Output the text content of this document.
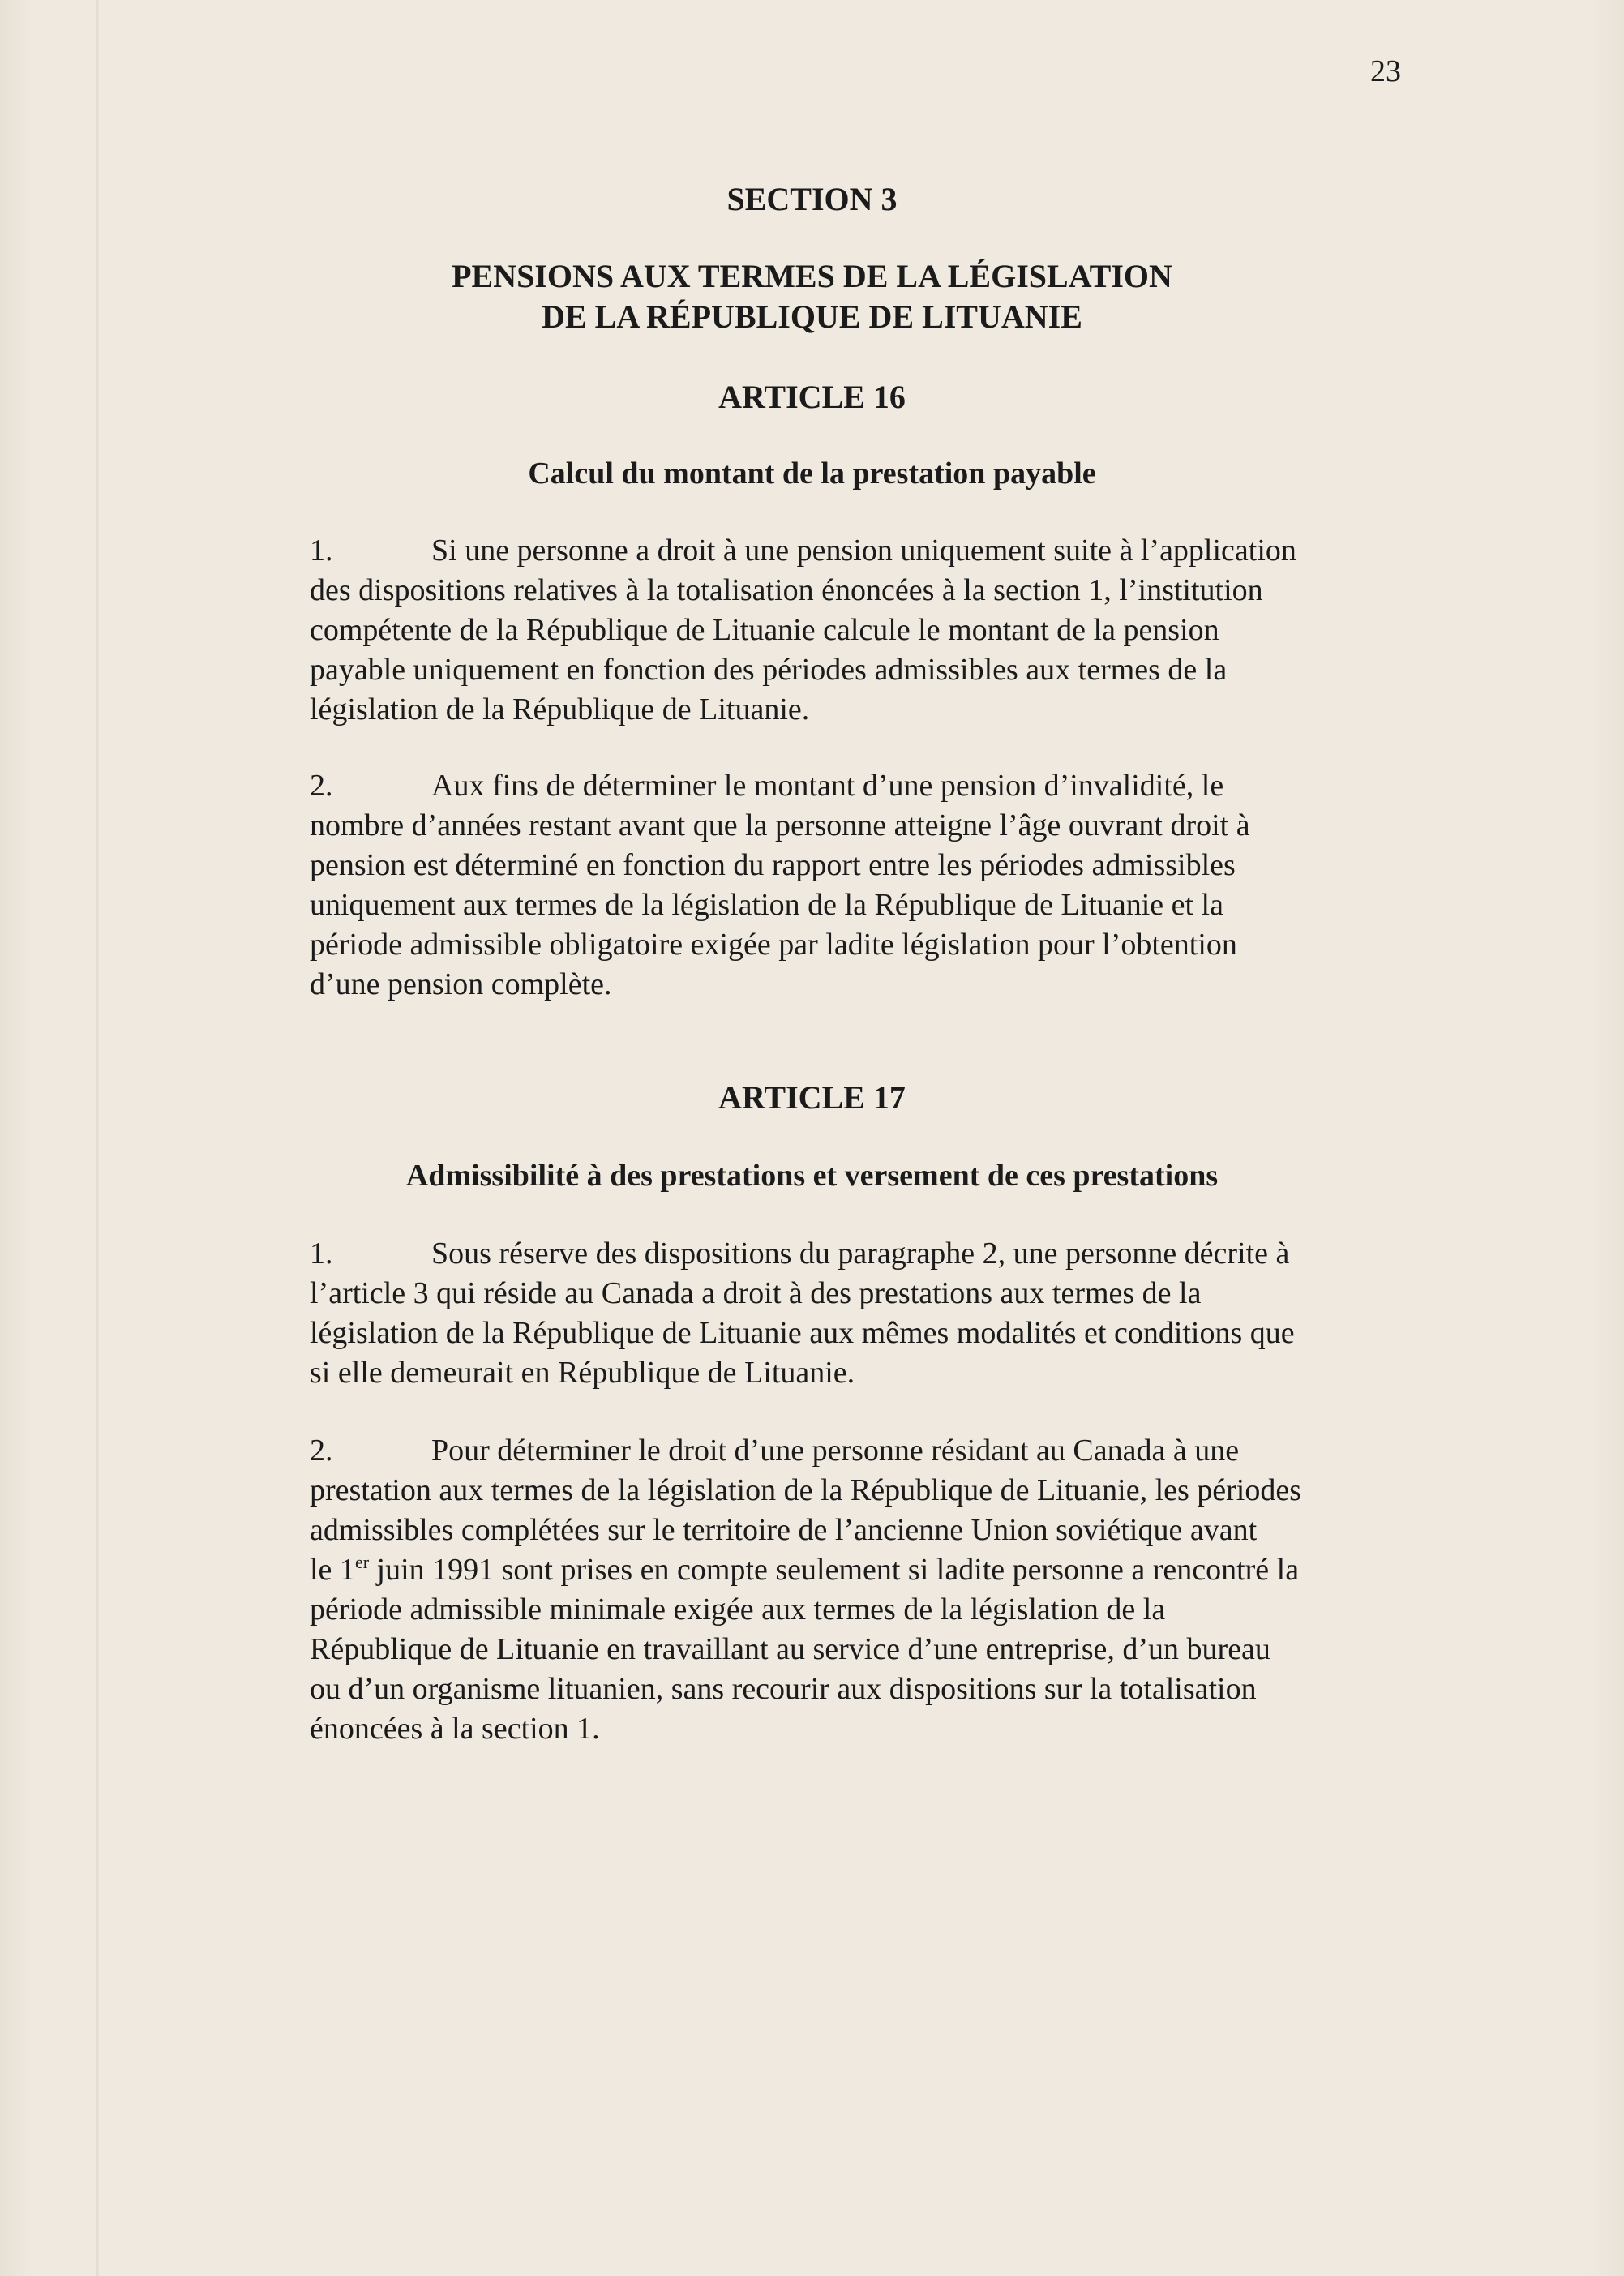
23
SECTION 3
PENSIONS AUX TERMES DE LA LÉGISLATION
DE LA RÉPUBLIQUE DE LITUANIE
ARTICLE 16
Calcul du montant de la prestation payable

1.	Si une personne a droit à une pension uniquement suite à l’application
des dispositions relatives à la totalisation énoncées à la section 1, l’institution
compétente de la République de Lituanie calcule le montant de la pension
payable uniquement en fonction des périodes admissibles aux termes de la
législation de la République de Lituanie.

2.	Aux fins de déterminer le montant d’une pension d’invalidité, le
nombre d’années restant avant que la personne atteigne l’âge ouvrant droit à
pension est déterminé en fonction du rapport entre les périodes admissibles
uniquement aux termes de la législation de la République de Lituanie et la
période admissible obligatoire exigée par ladite législation pour l’obtention
d’une pension complète.

ARTICLE 17
Admissibilité à des prestations et versement de ces prestations

1.	Sous réserve des dispositions du paragraphe 2, une personne décrite à
l’article 3 qui réside au Canada a droit à des prestations aux termes de la
législation de la République de Lituanie aux mêmes modalités et conditions que
si elle demeurait en République de Lituanie.

2.	Pour déterminer le droit d’une personne résidant au Canada à une
prestation aux termes de la législation de la République de Lituanie, les périodes
admissibles complétées sur le territoire de l’ancienne Union soviétique avant
le 1er juin 1991 sont prises en compte seulement si ladite personne a rencontré la
période admissible minimale exigée aux termes de la législation de la
République de Lituanie en travaillant au service d’une entreprise, d’un bureau
ou d’un organisme lituanien, sans recourir aux dispositions sur la totalisation
énoncées à la section 1.
